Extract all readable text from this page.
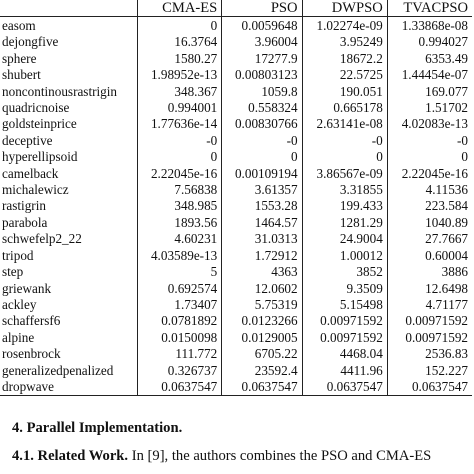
	CMA-ES	PSO	DWPSO	TVACPSO
easom	0	0.0059648	1.02274e-09	1.33868e-08
dejongfive	16.3764	3.96004	3.95249	0.994027
sphere	1580.27	17277.9	18672.2	6353.49
shubert	1.98952e-13	0.00803123	22.5725	1.44454e-07
noncontinousrastrigin	348.367	1059.8	190.051	169.077
quadricnoise	0.994001	0.558324	0.665178	1.51702
goldsteinprice	1.77636e-14	0.00830766	2.63141e-08	4.02083e-13
deceptive	-0	-0	-0	-0
hyperellipsoid	0	0	0	0
camelback	2.22045e-16	0.00109194	3.86567e-09	2.22045e-16
michalewicz	7.56838	3.61357	3.31855	4.11536
rastigrin	348.985	1553.28	199.433	223.584
parabola	1893.56	1464.57	1281.29	1040.89
schwefelp2_22	4.60231	31.0313	24.9004	27.7667
tripod	4.03589e-13	1.72912	1.00012	0.60004
step	5	4363	3852	3886
griewank	0.692574	12.0602	9.3509	12.6498
ackley	1.73407	5.75319	5.15498	4.71177
schaffersf6	0.0781892	0.0123266	0.00971592	0.00971592
alpine	0.0150098	0.0129005	0.00971592	0.00971592
rosenbrock	111.772	6705.22	4468.04	2536.83
generalizedpenalized	0.326737	23592.4	4411.96	152.227
dropwave	0.0637547	0.0637547	0.0637547	0.0637547

4. Parallel Implementation.

4.1. Related Work. In [9], the authors combines the PSO and CMA-ES
